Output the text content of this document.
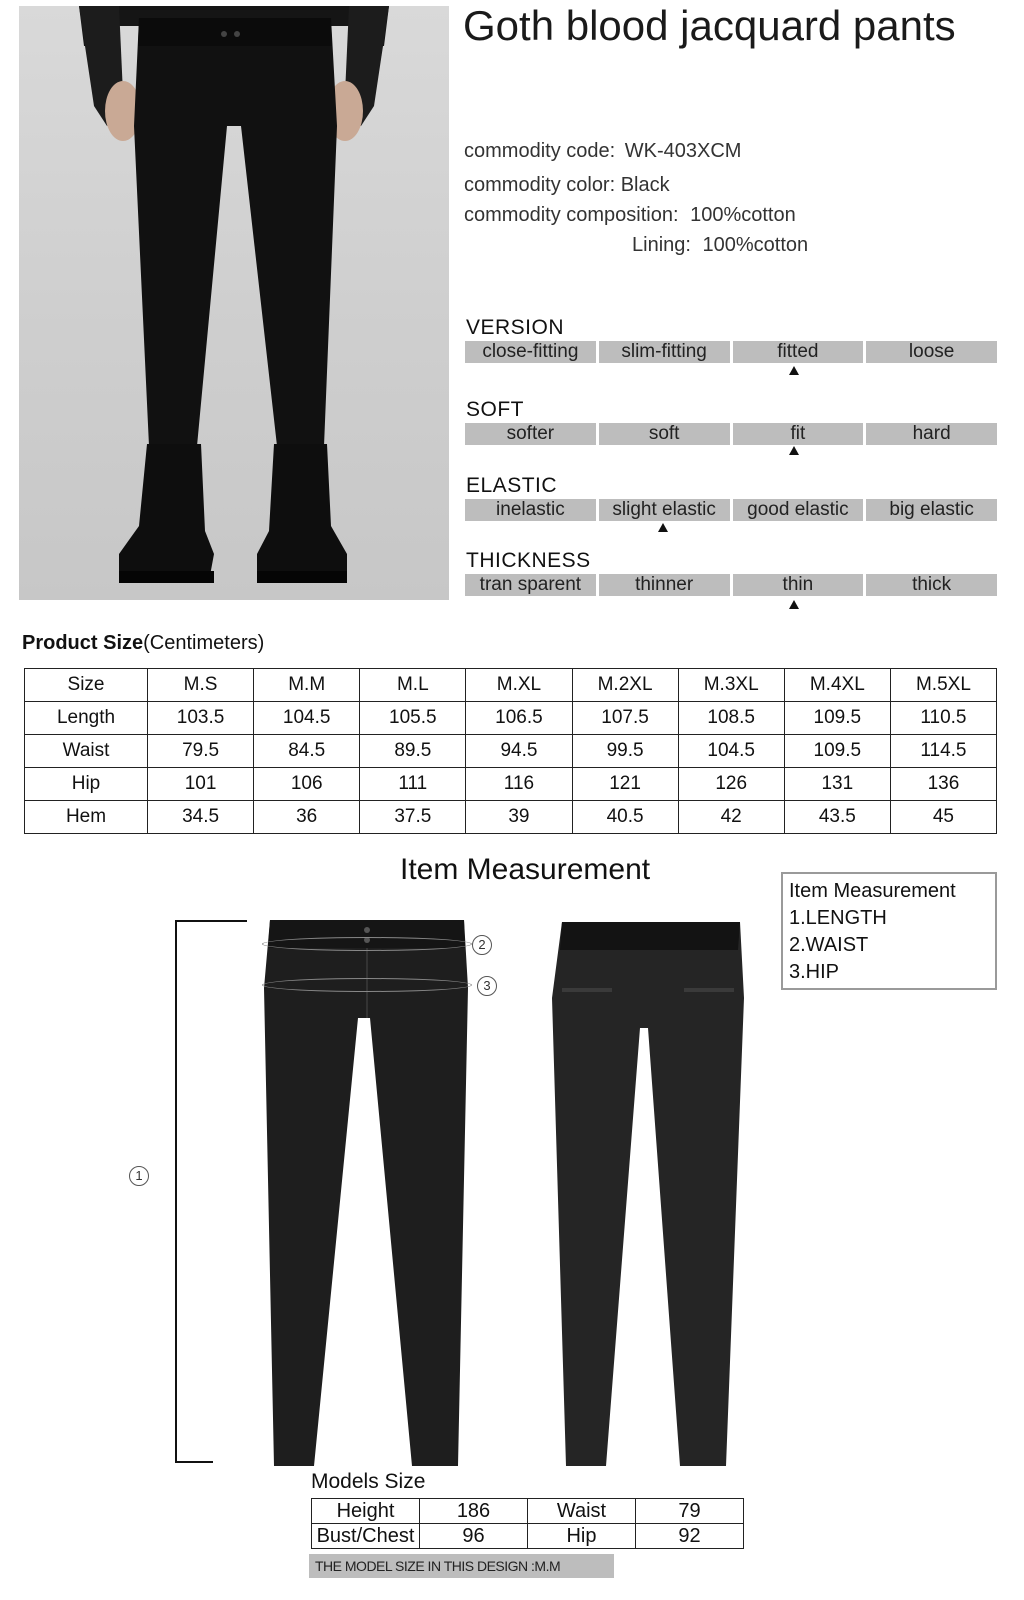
Goth blood jacquard pants
commodity code: WK-403XCM
commodity color: Black
commodity composition: 100%cotton
Lining: 100%cotton
VERSION
close-fitting	slim-fitting	fitted	loose
SOFT
softer	soft	fit	hard
ELASTIC
inelastic	slight elastic	good elastic	big elastic
THICKNESS
tran sparent	thinner	thin	thick
Product Size(Centimeters)
Size	M.S	M.M	M.L	M.XL	M.2XL	M.3XL	M.4XL	M.5XL
Length	103.5	104.5	105.5	106.5	107.5	108.5	109.5	110.5
Waist	79.5	84.5	89.5	94.5	99.5	104.5	109.5	114.5
Hip	101	106	111	116	121	126	131	136
Hem	34.5	36	37.5	39	40.5	42	43.5	45
Item Measurement
Item Measurement
1.LENGTH
2.WAIST
3.HIP
1
2
3
Models Size
Height	186	Waist	79
Bust/Chest	96	Hip	92
THE MODEL SIZE IN THIS DESIGN :M.M
